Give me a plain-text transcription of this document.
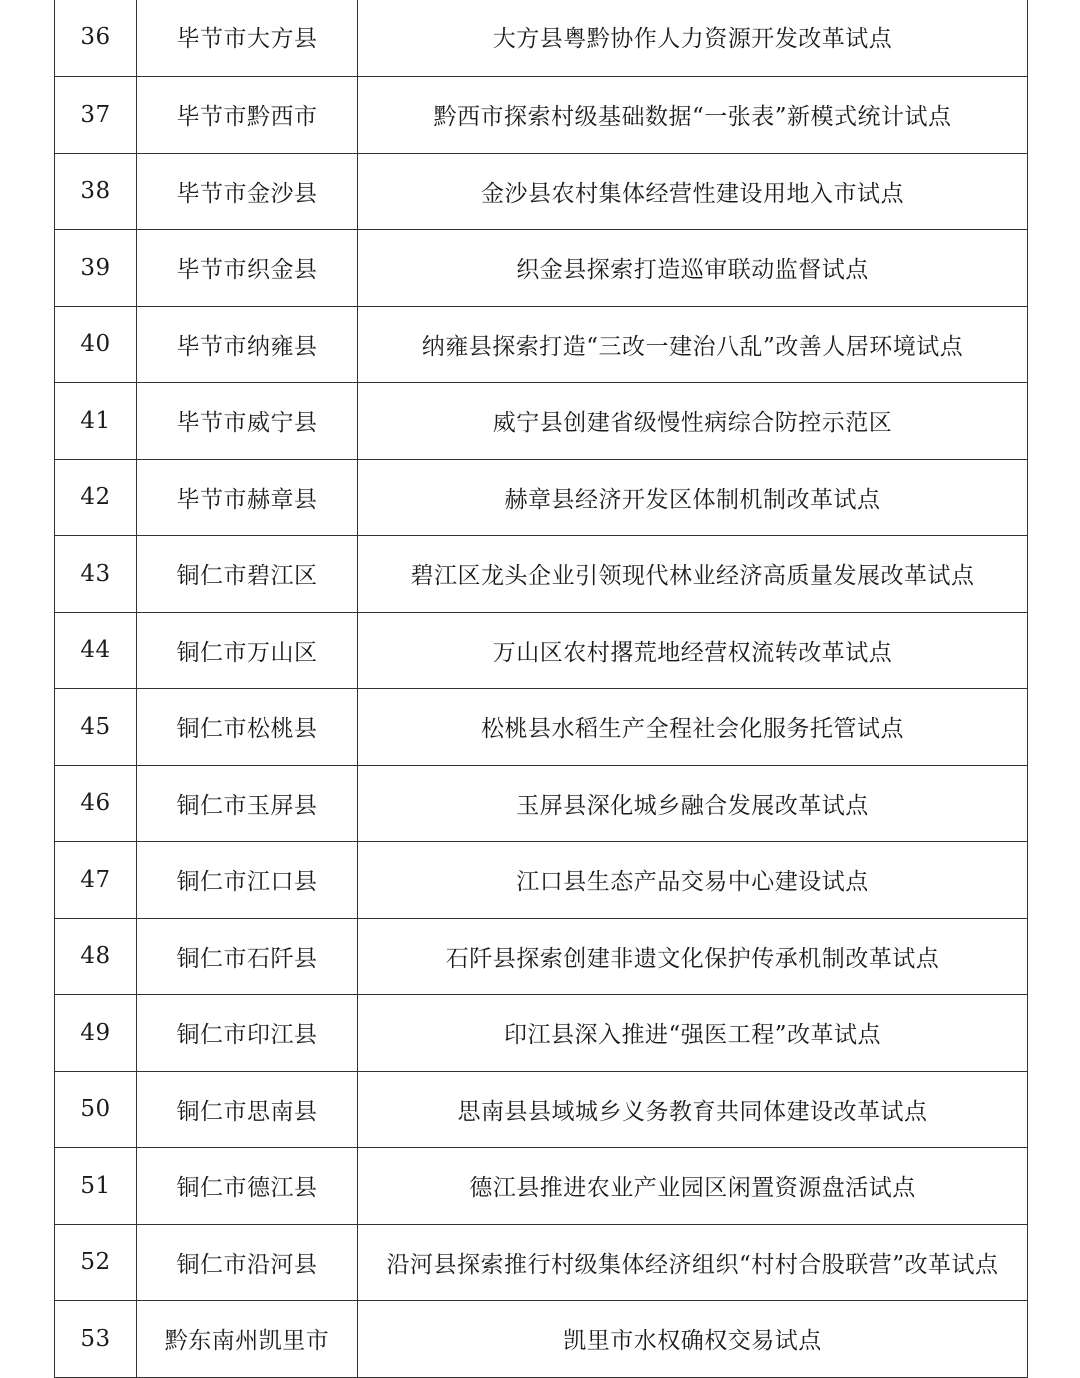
36	毕节市大方县	大方县粤黔协作人力资源开发改革试点
37	毕节市黔西市	黔西市探索村级基础数据“一张表”新模式统计试点
38	毕节市金沙县	金沙县农村集体经营性建设用地入市试点
39	毕节市织金县	织金县探索打造巡审联动监督试点
40	毕节市纳雍县	纳雍县探索打造“三改一建治八乱”改善人居环境试点
41	毕节市威宁县	威宁县创建省级慢性病综合防控示范区
42	毕节市赫章县	赫章县经济开发区体制机制改革试点
43	铜仁市碧江区	碧江区龙头企业引领现代林业经济高质量发展改革试点
44	铜仁市万山区	万山区农村撂荒地经营权流转改革试点
45	铜仁市松桃县	松桃县水稻生产全程社会化服务托管试点
46	铜仁市玉屏县	玉屏县深化城乡融合发展改革试点
47	铜仁市江口县	江口县生态产品交易中心建设试点
48	铜仁市石阡县	石阡县探索创建非遗文化保护传承机制改革试点
49	铜仁市印江县	印江县深入推进“强医工程”改革试点
50	铜仁市思南县	思南县县域城乡义务教育共同体建设改革试点
51	铜仁市德江县	德江县推进农业产业园区闲置资源盘活试点
52	铜仁市沿河县	沿河县探索推行村级集体经济组织“村村合股联营”改革试点
53	黔东南州凯里市	凯里市水权确权交易试点
